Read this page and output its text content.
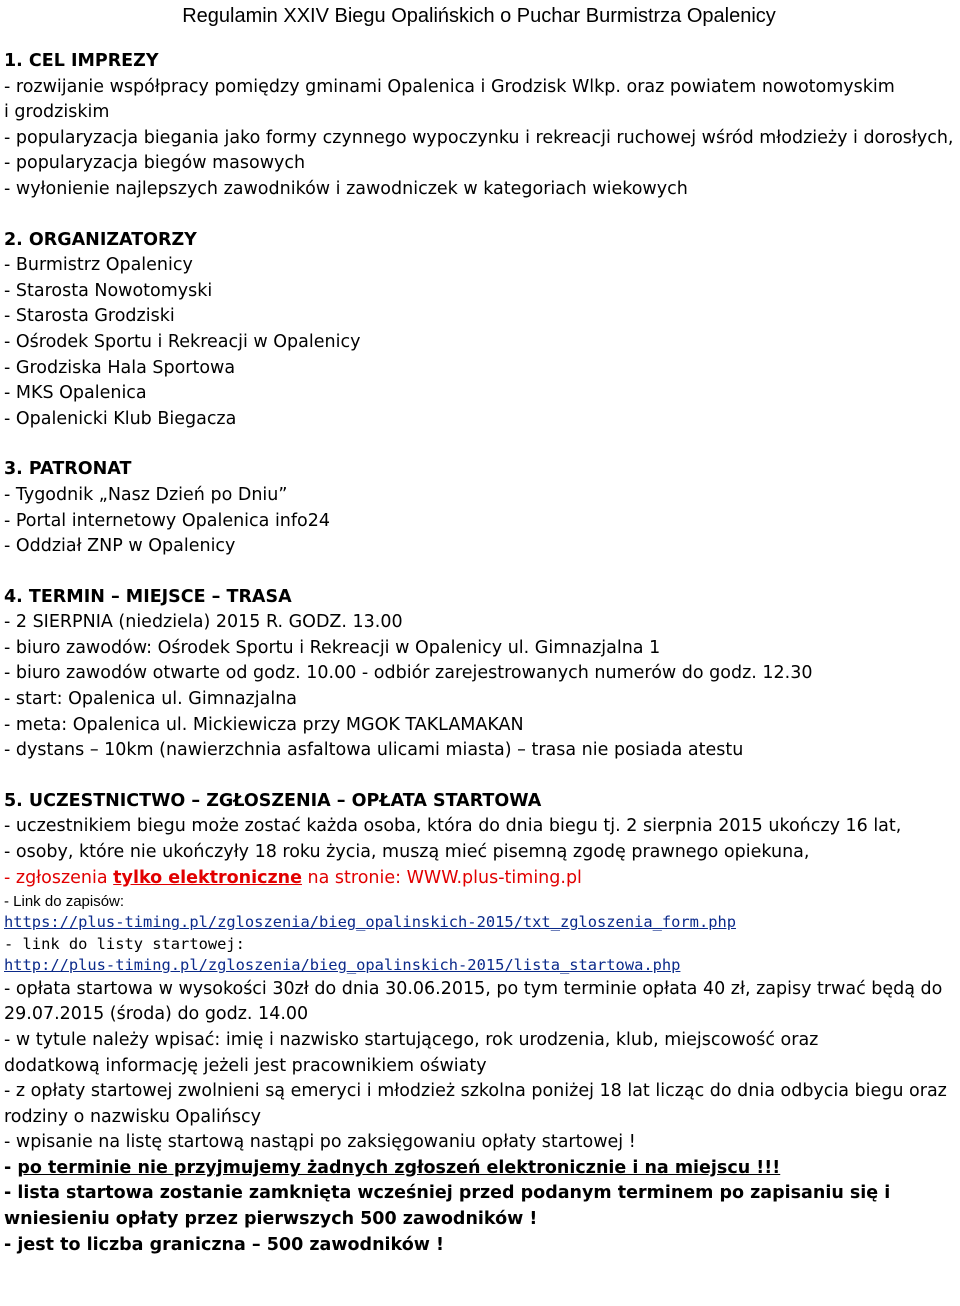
Regulamin XXIV Biegu Opalińskich o Puchar Burmistrza Opalenicy
1. CEL IMPREZY
- rozwijanie współpracy pomiędzy gminami Opalenica i Grodzisk Wlkp. oraz powiatem nowotomyskim i grodziskim
- popularyzacja biegania jako formy czynnego wypoczynku i rekreacji ruchowej wśród młodzieży i dorosłych,
- popularyzacja biegów masowych
- wyłonienie najlepszych zawodników i zawodniczek w kategoriach wiekowych
2. ORGANIZATORZY
- Burmistrz Opalenicy
- Starosta Nowotomyski
- Starosta Grodziski
- Ośrodek Sportu i Rekreacji w Opalenicy
- Grodziska Hala Sportowa
- MKS Opalenica
- Opalenicki Klub Biegacza
3. PATRONAT
- Tygodnik „Nasz Dzień po Dniu”
- Portal internetowy Opalenica info24
- Oddział ZNP w Opalenicy
4. TERMIN – MIEJSCE – TRASA
- 2 SIERPNIA (niedziela) 2015 R. GODZ. 13.00
- biuro zawodów: Ośrodek Sportu i Rekreacji w Opalenicy ul. Gimnazjalna 1
- biuro zawodów otwarte od godz. 10.00 - odbiór zarejestrowanych numerów do godz. 12.30
- start: Opalenica ul. Gimnazjalna
- meta: Opalenica ul. Mickiewicza przy MGOK TAKLAMAKAN
- dystans – 10km (nawierzchnia asfaltowa ulicami miasta) – trasa nie posiada atestu
5. UCZESTNICTWO – ZGŁOSZENIA – OPŁATA STARTOWA
- uczestnikiem biegu może zostać każda osoba, która do dnia biegu tj. 2 sierpnia 2015 ukończy 16 lat,
- osoby, które nie ukończyły 18 roku życia, muszą mieć pisemną zgodę prawnego opiekuna,
- zgłoszenia tylko elektroniczne na stronie: WWW.plus-timing.pl
- Link do zapisów:
https://plus-timing.pl/zgloszenia/bieg_opalinskich-2015/txt_zgloszenia_form.php
- link do listy startowej:
http://plus-timing.pl/zgloszenia/bieg_opalinskich-2015/lista_startowa.php
- opłata startowa w wysokości 30zł do dnia 30.06.2015, po tym terminie opłata 40 zł, zapisy trwać będą do 29.07.2015 (środa) do godz. 14.00
- w tytule należy wpisać: imię i nazwisko startującego, rok urodzenia, klub, miejscowość oraz dodatkową informację jeżeli jest pracownikiem oświaty
- z opłaty startowej zwolnieni są emeryci i młodzież szkolna poniżej 18 lat licząc do dnia odbycia biegu oraz rodziny o nazwisku Opalińscy
- wpisanie na listę startową nastąpi po zaksięgowaniu opłaty startowej !
- po terminie nie przyjmujemy żadnych zgłoszeń elektronicznie i na miejscu !!!
- lista startowa zostanie zamknięta wcześniej przed podanym terminem po zapisaniu się i wniesieniu opłaty przez pierwszych 500 zawodników !
- jest to liczba graniczna – 500 zawodników !
